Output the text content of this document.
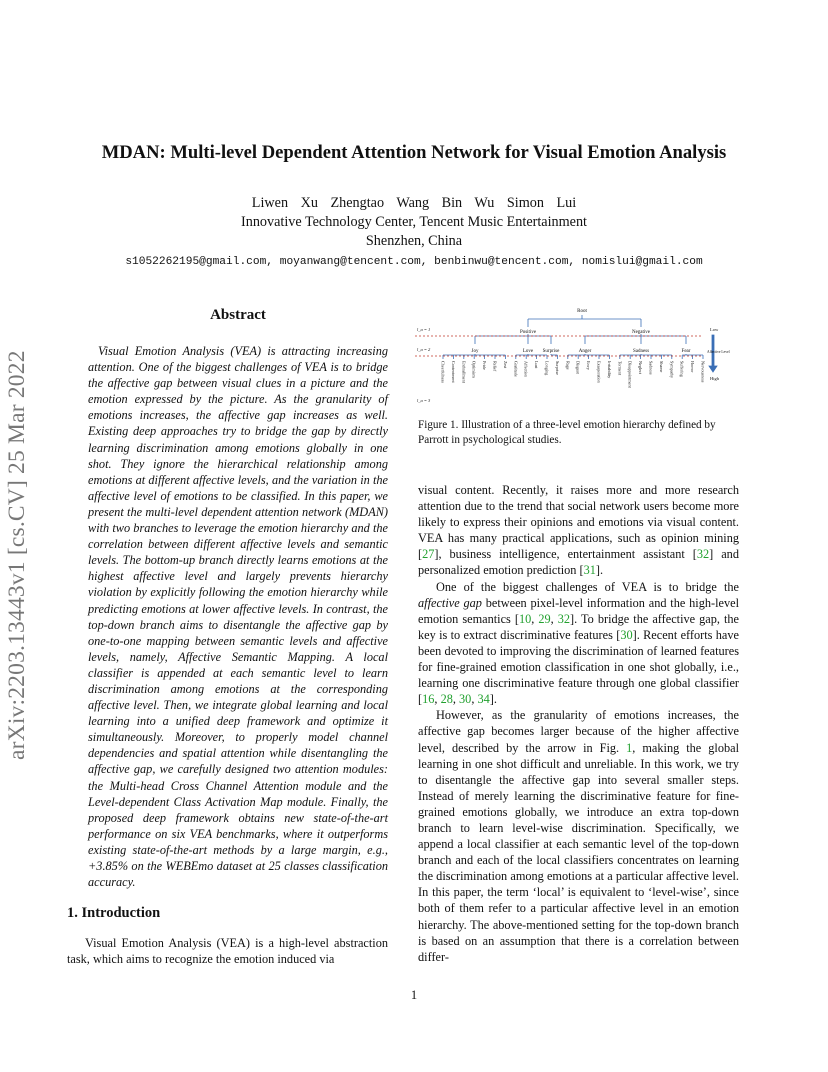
MDAN: Multi-level Dependent Attention Network for Visual Emotion Analysis
Liwen Xu Zhengtao Wang Bin Wu Simon Lui
Innovative Technology Center, Tencent Music Entertainment
Shenzhen, China
s1052262195@gmail.com, moyanwang@tencent.com, benbinwu@tencent.com, nomislui@gmail.com
arXiv:2203.13443v1 [cs.CV] 25 Mar 2022
Abstract
Visual Emotion Analysis (VEA) is attracting increasing attention. One of the biggest challenges of VEA is to bridge the affective gap between visual clues in a picture and the emotion expressed by the picture. As the granularity of emotions increases, the affective gap increases as well. Existing deep approaches try to bridge the gap by directly learning discrimination among emotions globally in one shot. They ignore the hierarchical relationship among emotions at different affective levels, and the variation in the affective level of emotions to be classified. In this paper, we present the multi-level dependent attention network (MDAN) with two branches to leverage the emotion hierarchy and the correlation between different affective levels and semantic levels. The bottom-up branch directly learns emotions at the highest affective level and largely prevents hierarchy violation by explicitly following the emotion hierarchy while predicting emotions at lower affective levels. In contrast, the top-down branch aims to disentangle the affective gap by one-to-one mapping between semantic levels and affective levels, namely, Affective Semantic Mapping. A local classifier is appended at each semantic level to learn discrimination among emotions at the corresponding affective level. Then, we integrate global learning and local learning into a unified deep framework and optimize it simultaneously. Moreover, to properly model channel dependencies and spatial attention while disentangling the affective gap, we carefully designed two attention modules: the Multi-head Cross Channel Attention module and the Level-dependent Class Activation Map module. Finally, the proposed deep framework obtains new state-of-the-art performance on six VEA benchmarks, where it outperforms existing state-of-the-art methods by a large margin, e.g., +3.85% on the WEBEmo dataset at 25 classes classification accuracy.
1. Introduction
Visual Emotion Analysis (VEA) is a high-level abstraction task, which aims to recognize the emotion induced via
Root
Positive	Negative
Joy	Love Surprise	Anger	Sadness	Fear
Cheerfulness Contentment Enthrallment Optimism Pride Relief Zest Gratitude Affection Lust Longing Surprise Rage Disgust Envy Exasperation Irritability Torment Disappointment Neglect Sadness Shame Sympathy Suffering Horror Nervousness
l_a = 1
l_a = 2
l_a = 3
Low
Affective Level
High
Figure 1. Illustration of a three-level emotion hierarchy defined by Parrott in psychological studies.

visual content. Recently, it raises more and more research attention due to the trend that social network users become more likely to express their opinions and emotions via visual content. VEA has many practical applications, such as opinion mining [27], business intelligence, entertainment assistant [32] and personalized emotion prediction [31].

One of the biggest challenges of VEA is to bridge the affective gap between pixel-level information and the high-level emotion semantics [10, 29, 32]. To bridge the affective gap, the key is to extract discriminative features [30]. Recent efforts have been devoted to improving the discrimination of learned features for fine-grained emotion classification in one shot globally, i.e., learning one discriminative feature through one global classifier [16, 28, 30, 34].

However, as the granularity of emotions increases, the affective gap becomes larger because of the higher affective level, described by the arrow in Fig. 1, making the global learning in one shot difficult and unreliable. In this work, we try to disentangle the affective gap into several smaller steps. Instead of merely learning the discriminative feature for fine-grained emotions globally, we introduce an extra top-down branch to learn level-wise discrimination. Specifically, we append a local classifier at each semantic level of the top-down branch and each of the local classifiers concentrates on learning the discrimination among emotions at a particular affective level. In this paper, the term ‘local’ is equivalent to ‘level-wise’, since both of them refer to a particular affective level in an emotion hierarchy. The above-mentioned setting for the top-down branch is based on an assumption that there is a correlation between differ-

1
